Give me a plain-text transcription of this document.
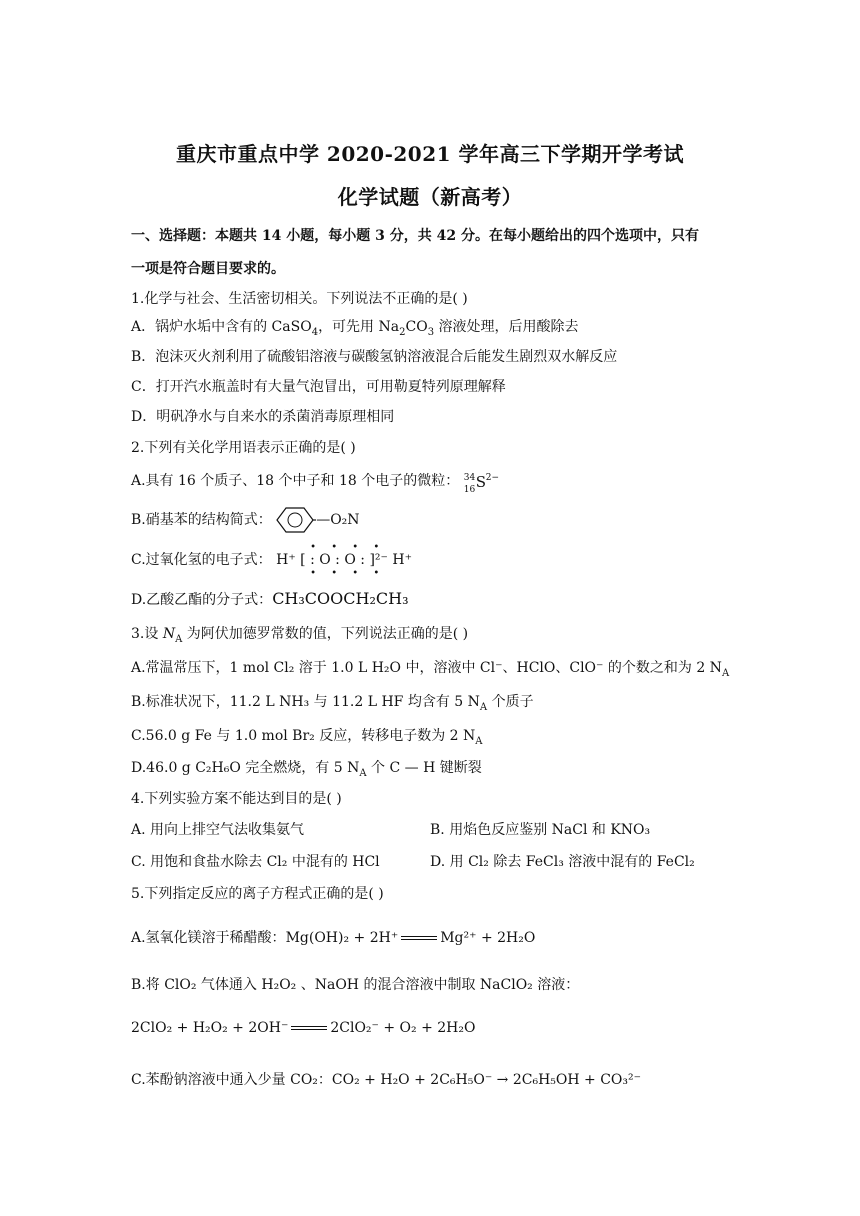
重庆市重点中学 2020-2021 学年高三下学期开学考试
化学试题（新高考）
一、选择题：本题共 14 小题，每小题 3 分，共 42 分。在每小题给出的四个选项中，只有
一项是符合题目要求的。
1.化学与社会、生活密切相关。下列说法不正确的是( )
A．锅炉水垢中含有的 CaSO$_4$，可先用 $Na_2CO_3$ 溶液处理，后用酸除去
B．泡沫灭火剂利用了硫酸铝溶液与碳酸氢钠溶液混合后能发生剧烈双水解反应
C．打开汽水瓶盖时有大量气泡冒出，可用勒夏特列原理解释
D．明矾净水与自来水的杀菌消毒原理相同
2.下列有关化学用语表示正确的是( )
A.具有 16 个质子、18 个中子和 18 个电子的微粒： 34
16 S 2−
B.硝基苯的结构简式：	—O₂N
C.过氧化氢的电子式：
• • • •
H⁺ [ : O : O : ]²⁻ H⁺
• • • •
D.乙酸乙酯的分子式：CH₃COOCH₂CH₃
3.设 $N_A$ 为阿伏加德罗常数的值，下列说法正确的是( )
A.常温常压下，1 mol Cl₂ 溶于 1.0 L H₂O 中，溶液中 Cl⁻、HClO、ClO⁻ 的个数之和为 2 $N_A$
B.标准状况下，11.2 L NH₃ 与 11.2 L HF 均含有 5 $N_A$ 个质子
C.56.0 g Fe 与 1.0 mol Br₂ 反应，转移电子数为 2 $N_A$
D.46.0 g C₂H₆O 完全燃烧，有 5 $N_A$ 个 C — H 键断裂
4.下列实验方案不能达到目的是( )
A. 用向上排空气法收集氨气	B. 用焰色反应鉴别 NaCl 和 KNO₃
C. 用饱和食盐水除去 Cl₂ 中混有的 HCl	D. 用 Cl₂ 除去 FeCl₃ 溶液中混有的 FeCl₂
5.下列指定反应的离子方程式正确的是( )
A.氢氧化镁溶于稀醋酸：Mg(OH)₂ + 2H⁺	Mg²⁺ + 2H₂O
B.将 ClO₂ 气体通入 H₂O₂ 、NaOH 的混合溶液中制取 NaClO₂ 溶液：
2ClO₂ + H₂O₂ + 2OH⁻	2ClO₂⁻ + O₂ + 2H₂O
C.苯酚钠溶液中通入少量 CO₂：CO₂ + H₂O + 2C₆H₅O⁻ → 2C₆H₅OH + CO₃²⁻
